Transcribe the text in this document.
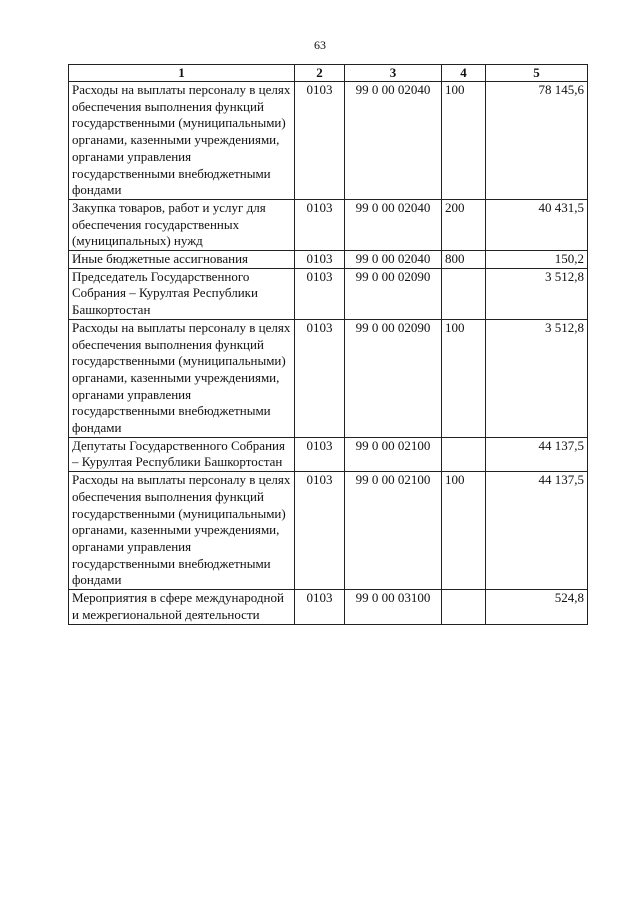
63
1	2	3	4	5
Расходы на выплаты персоналу в целях обеспечения выполнения функций государственными (муниципальными) органами, казенными учреждениями, органами управления государственными внебюджетными фондами	0103	99 0 00 02040	100	78 145,6
Закупка товаров, работ и услуг для обеспечения государственных (муниципальных) нужд	0103	99 0 00 02040	200	40 431,5
Иные бюджетные ассигнования	0103	99 0 00 02040	800	150,2
Председатель Государственного Собрания – Курултая Республики Башкортостан	0103	99 0 00 02090		3 512,8
Расходы на выплаты персоналу в целях обеспечения выполнения функций государственными (муниципальными) органами, казенными учреждениями, органами управления государственными внебюджетными фондами	0103	99 0 00 02090	100	3 512,8
Депутаты Государственного Собрания – Курултая Республики Башкортостан	0103	99 0 00 02100		44 137,5
Расходы на выплаты персоналу в целях обеспечения выполнения функций государственными (муниципальными) органами, казенными учреждениями, органами управления государственными внебюджетными фондами	0103	99 0 00 02100	100	44 137,5
Мероприятия в сфере международной и межрегиональной деятельности	0103	99 0 00 03100		524,8
